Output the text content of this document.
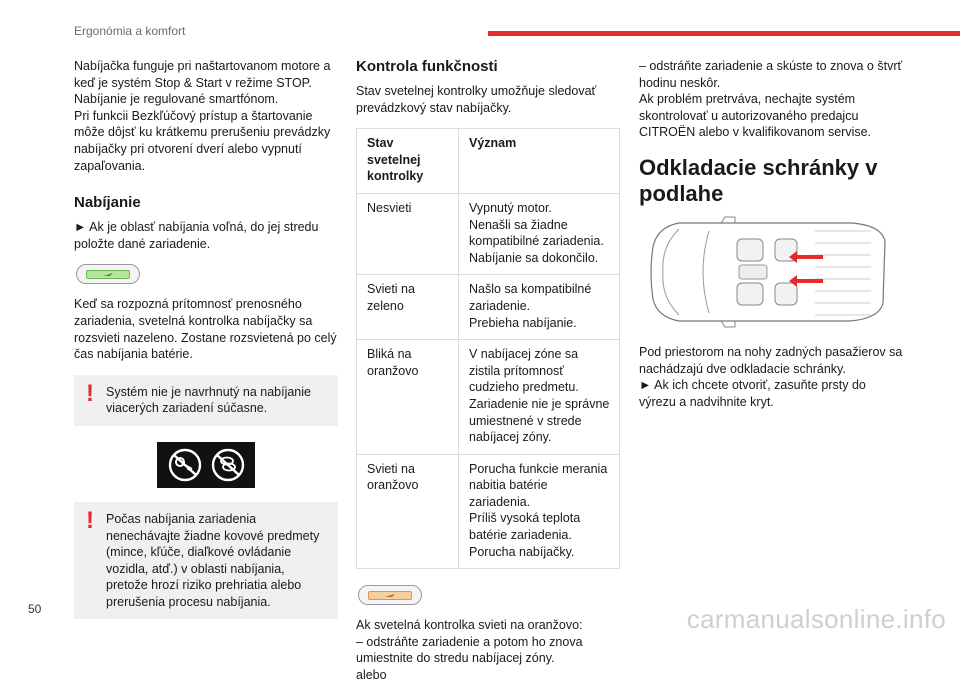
Ergonómia a komfort

Nabíjačka funguje pri naštartovanom motore a keď je systém Stop & Start v režime STOP.

Nabíjanie je regulované smartfónom.

Pri funkcii Bezkľúčový prístup a štartovanie môže dôjsť ku krátkemu prerušeniu prevádzky nabíjačky pri otvorení dverí alebo vypnutí zapaľovania.

Nabíjanie

► Ak je oblasť nabíjania voľná, do jej stredu položte dané zariadenie.

Keď sa rozpozná prítomnosť prenosného zariadenia, svetelná kontrolka nabíjačky sa rozsvieti nazeleno. Zostane rozsvietená po celý čas nabíjania batérie.

! Systém nie je navrhnutý na nabíjanie viacerých zariadení súčasne.
! Počas nabíjania zariadenia nenechávajte žiadne kovové predmety (mince, kľúče, diaľkové ovládanie vozidla, atď.) v oblasti nabíjania, pretože hrozí riziko prehriatia alebo prerušenia procesu nabíjania.
Kontrola funkčnosti

Stav svetelnej kontrolky umožňuje sledovať prevádzkový stav nabíjačky.

Stav svetelnej kontrolky	Význam
Nesvieti	Vypnutý motor.
Nenašli sa žiadne kompatibilné zariadenia.
Nabíjanie sa dokončilo.
Svieti na zeleno	Našlo sa kompatibilné zariadenie.
Prebieha nabíjanie.
Bliká na oranžovo	V nabíjacej zóne sa zistila prítomnosť cudzieho predmetu.
Zariadenie nie je správne umiestnené v strede nabíjacej zóny.
Svieti na oranžovo	Porucha funkcie merania nabitia batérie zariadenia.
Príliš vysoká teplota batérie zariadenia.
Porucha nabíjačky.

Ak svetelná kontrolka svieti na oranžovo:
– odstráňte zariadenie a potom ho znova umiestnite do stredu nabíjacej zóny.
alebo

– odstráňte zariadenie a skúste to znova o štvrť hodinu neskôr.
Ak problém pretrváva, nechajte systém skontrolovať u autorizovaného predajcu CITROËN alebo v kvalifikovanom servise.

Odkladacie schránky v podlahe

Pod priestorom na nohy zadných pasažierov sa nachádzajú dve odkladacie schránky.
► Ak ich chcete otvoriť, zasuňte prsty do výrezu a nadvihnite kryt.

50	carmanualsonline.info
